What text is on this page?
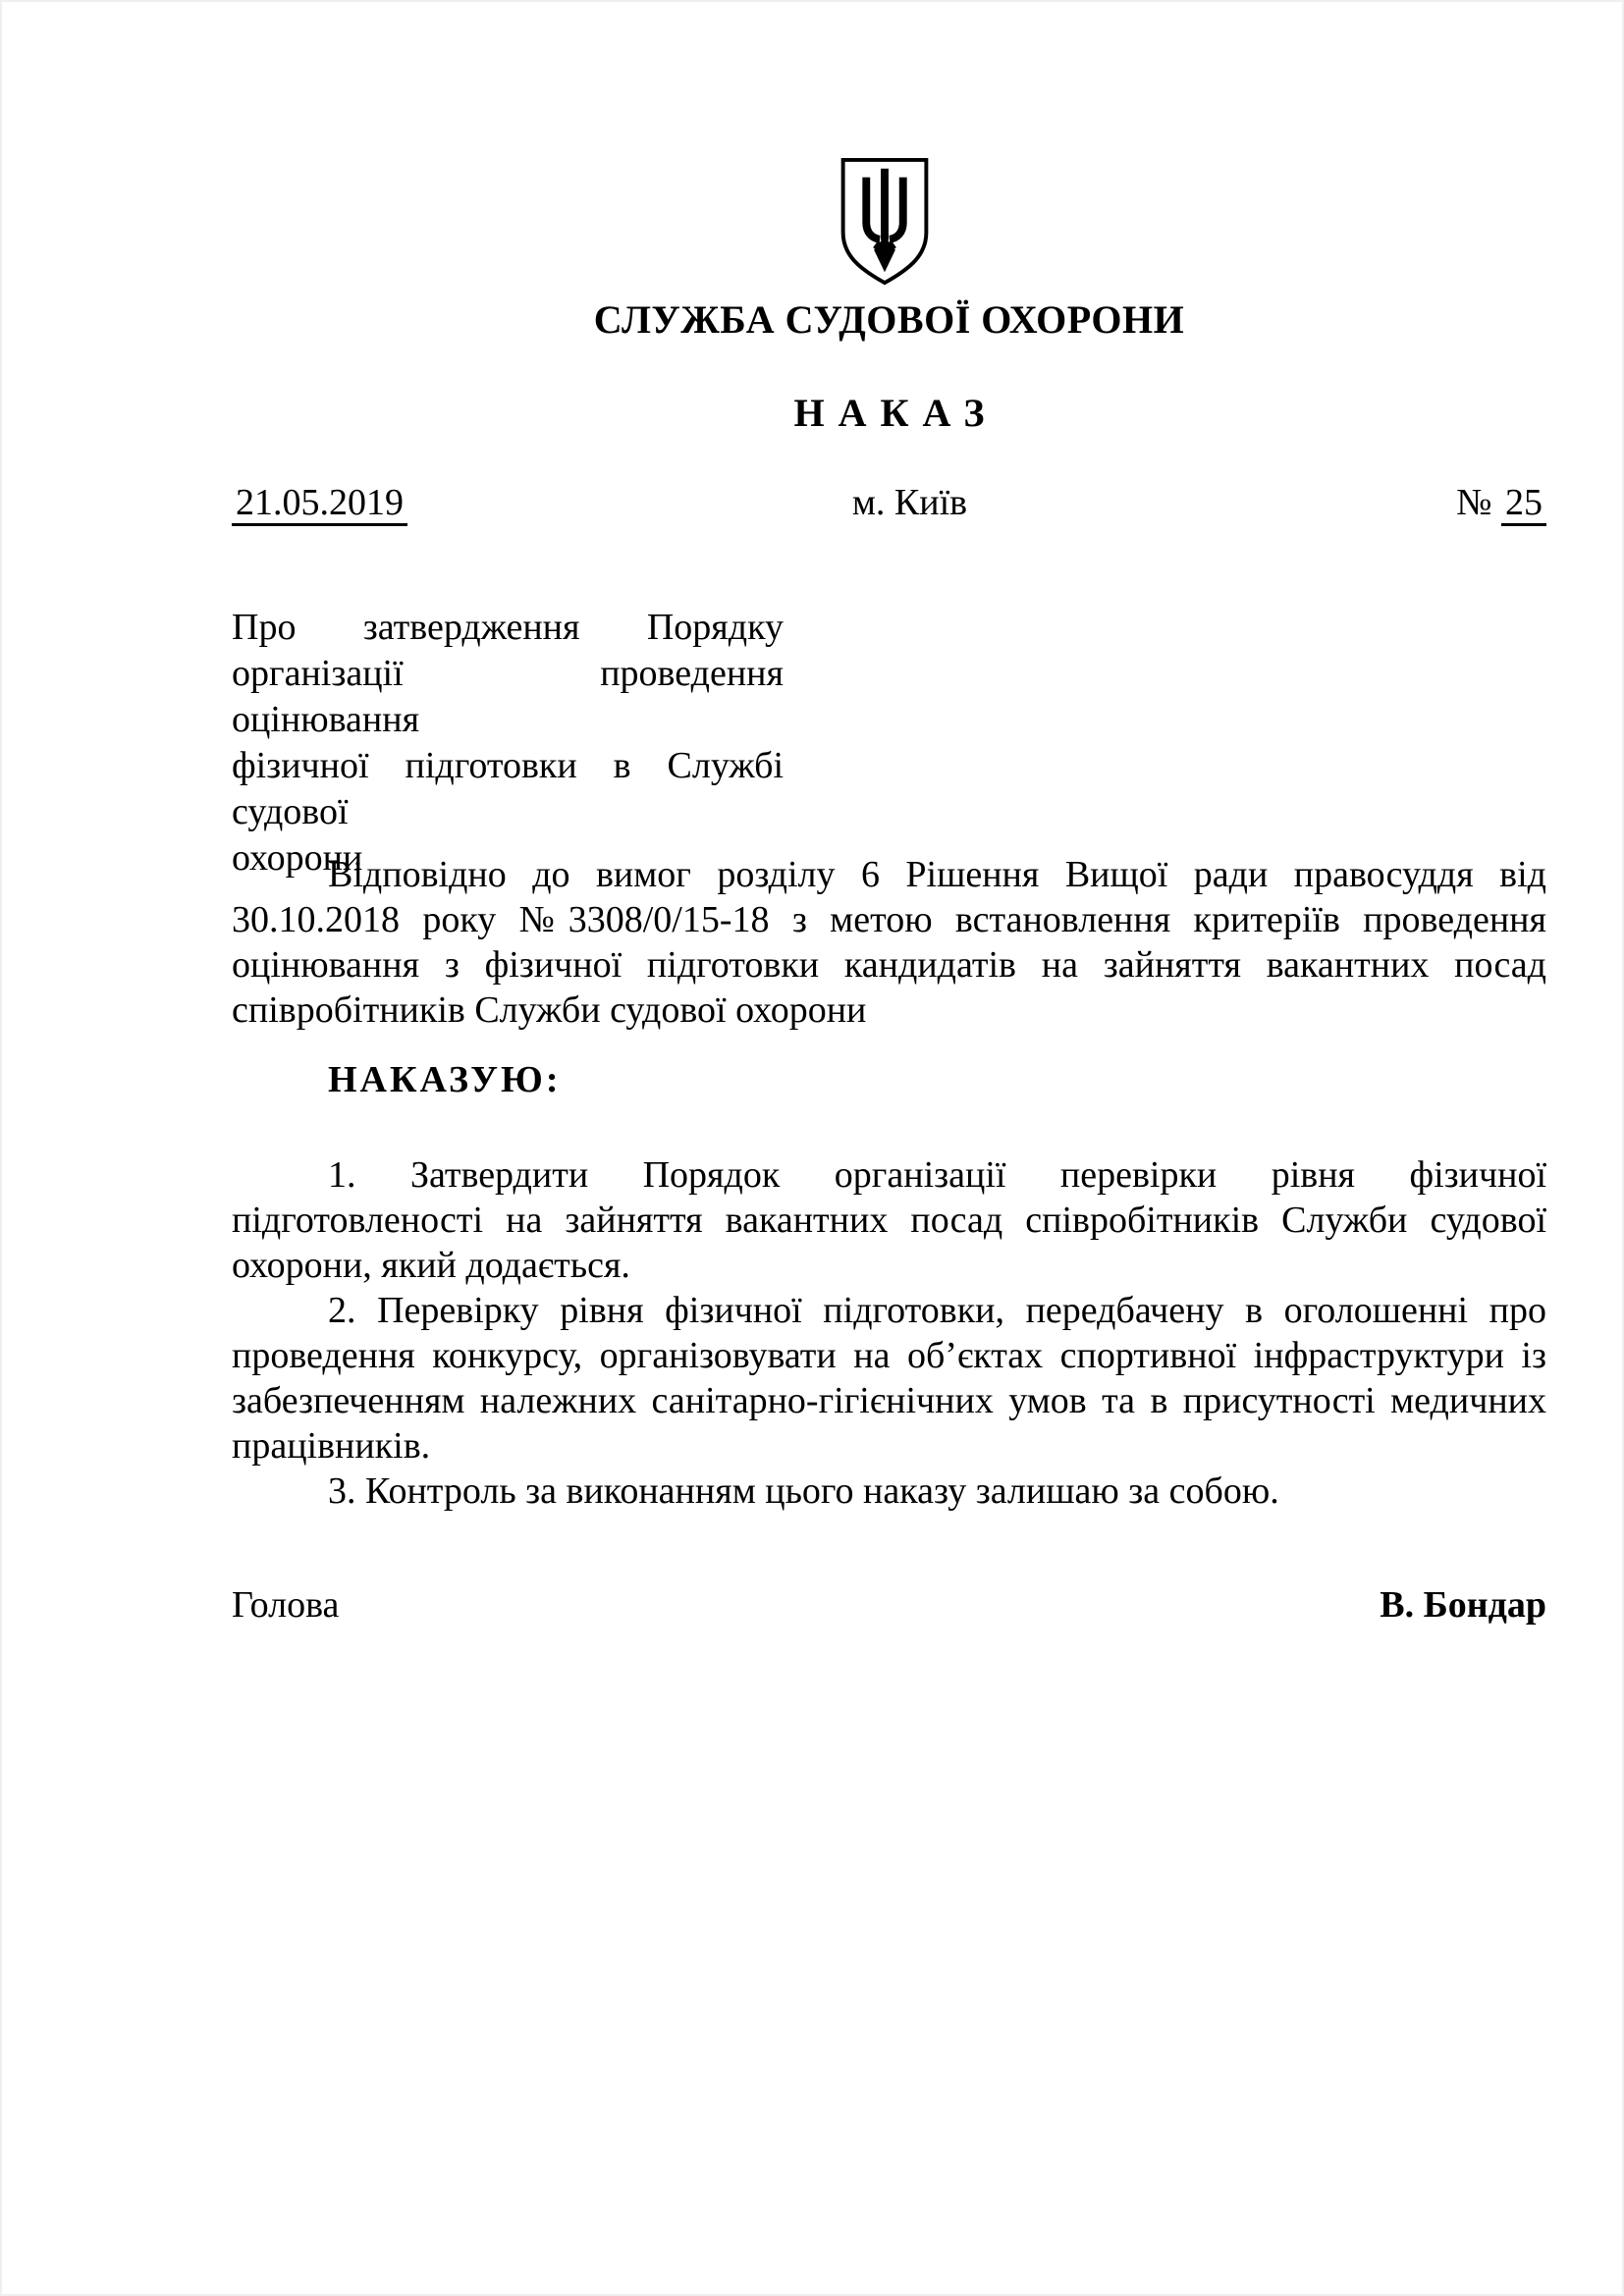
СЛУЖБА СУДОВОЇ ОХОРОНИ
НАКАЗ
21.05.2019	м. Київ	№ 25
Про затвердження Порядку
організації проведення оцінювання
фізичної підготовки в Службі судової
охорони
Відповідно до вимог розділу 6 Рішення Вищої ради правосуддя від
30.10.2018 року №3308/0/15-18 з метою встановлення критеріїв проведення
оцінювання з фізичної підготовки кандидатів на зайняття вакантних посад
співробітників Служби судової охорони
НАКАЗУЮ:
1. Затвердити Порядок організації перевірки рівня фізичної
підготовленості на зайняття вакантних посад співробітників Служби судової
охорони, який додається.
2. Перевірку рівня фізичної підготовки, передбачену в оголошенні про
проведення конкурсу, організовувати на об’єктах спортивної інфраструктури із
забезпеченням належних санітарно-гігієнічних умов та в присутності медичних
працівників.
3. Контроль за виконанням цього наказу залишаю за собою.
Голова	В. Бондар
